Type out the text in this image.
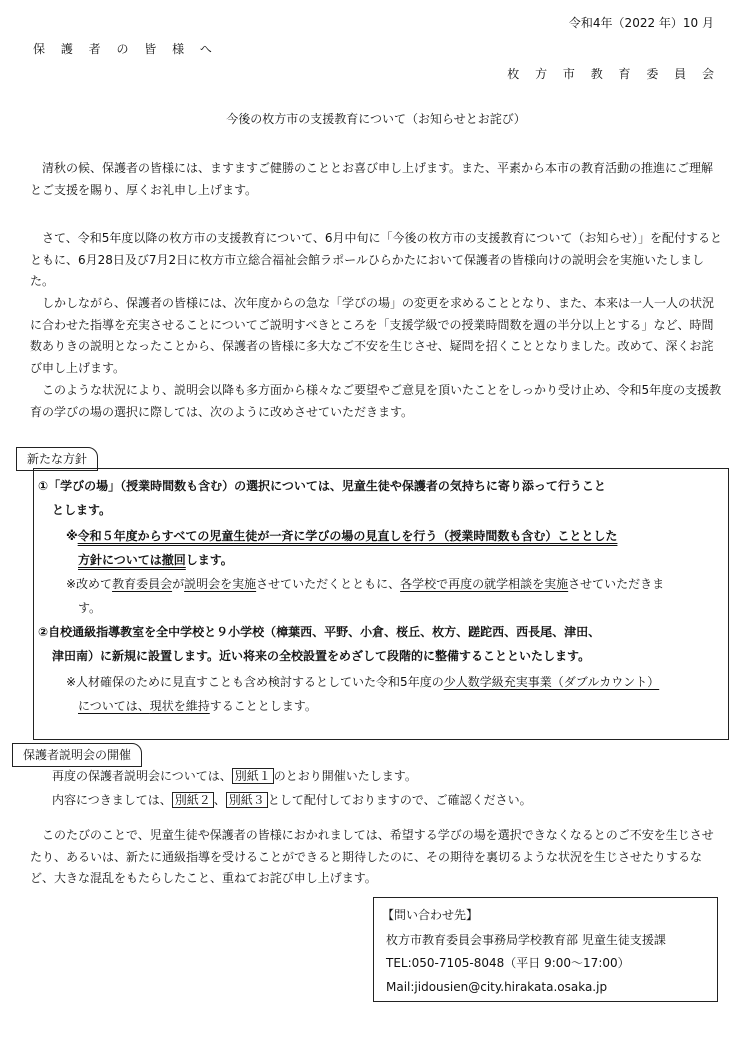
令和4年（2022 年）10 月
保 護 者 の 皆 様 へ
枚 方 市 教 育 委 員 会
今後の枚方市の支援教育について（お知らせとお詫び）

清秋の候、保護者の皆様には、ますますご健勝のこととお喜び申し上げます。また、平素から本市の教育活動の推進にご理解とご支援を賜り、厚くお礼申し上げます。

さて、令和5年度以降の枚方市の支援教育について、6月中旬に「今後の枚方市の支援教育について（お知らせ）」を配付するとともに、6月28日及び7月2日に枚方市立総合福祉会館ラポールひらかたにおいて保護者の皆様向けの説明会を実施いたしました。

しかしながら、保護者の皆様には、次年度からの急な「学びの場」の変更を求めることとなり、また、本来は一人一人の状況に合わせた指導を充実させることについてご説明すべきところを「支援学級での授業時間数を週の半分以上とする」など、時間数ありきの説明となったことから、保護者の皆様に多大なご不安を生じさせ、疑問を招くこととなりました。改めて、深くお詫び申し上げます。

このような状況により、説明会以降も多方面から様々なご要望やご意見を頂いたことをしっかり受け止め、令和5年度の支援教育の学びの場の選択に際しては、次のように改めさせていただきます。

新たな方針
①「学びの場」（授業時間数も含む）の選択については、児童生徒や保護者の気持ちに寄り添って行うこと
とします。
※令和５年度からすべての児童生徒が一斉に学びの場の見直しを行う（授業時間数も含む）こととした
方針については撤回します。
※改めて教育委員会が説明会を実施させていただくとともに、各学校で再度の就学相談を実施させていただきま
す。
②自校通級指導教室を全中学校と９小学校（樟葉西、平野、小倉、桜丘、枚方、蹉跎西、西長尾、津田、
津田南）に新規に設置します。近い将来の全校設置をめざして段階的に整備することといたします。
※人材確保のために見直すことも含め検討するとしていた令和5年度の少人数学級充実事業（ダブルカウント）
については、現状を維持することとします。
保護者説明会の開催
再度の保護者説明会については、 別紙１ のとおり開催いたします。
内容につきましては、 別紙２ 、 別紙３ として配付しておりますので、ご確認ください。

このたびのことで、児童生徒や保護者の皆様におかれましては、希望する学びの場を選択できなくなるとのご不安を生じさせたり、あるいは、新たに通級指導を受けることができると期待したのに、その期待を裏切るような状況を生じさせたりするなど、大きな混乱をもたらしたこと、重ねてお詫び申し上げます。

【問い合わせ先】
枚方市教育委員会事務局学校教育部 児童生徒支援課
TEL:050-7105-8048（平日 9:00～17:00）
Mail:jidousien@city.hirakata.osaka.jp
